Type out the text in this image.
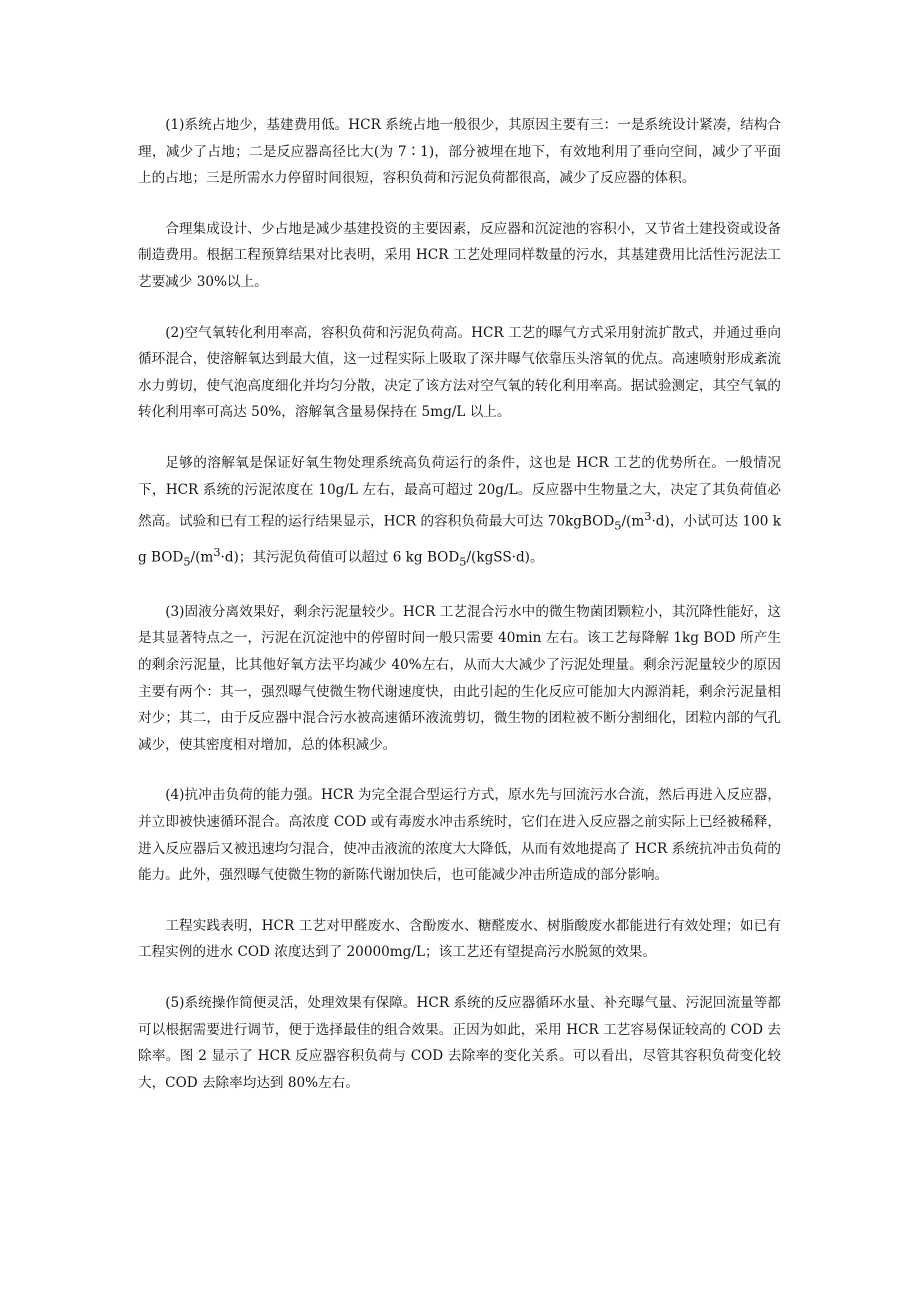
(1)系统占地少，基建费用低。HCR 系统占地一般很少，其原因主要有三：一是系统设计紧凑，结构合理，减少了占地；二是反应器高径比大(为 7∶1)，部分被埋在地下，有效地利用了垂向空间，减少了平面上的占地；三是所需水力停留时间很短，容积负荷和污泥负荷都很高，减少了反应器的体积。

合理集成设计、少占地是减少基建投资的主要因素，反应器和沉淀池的容积小，又节省土建投资或设备制造费用。根据工程预算结果对比表明，采用 HCR 工艺处理同样数量的污水，其基建费用比活性污泥法工艺要减少 30%以上。

(2)空气氧转化利用率高，容积负荷和污泥负荷高。HCR 工艺的曝气方式采用射流扩散式，并通过垂向循环混合，使溶解氧达到最大值，这一过程实际上吸取了深井曝气依靠压头溶氧的优点。高速喷射形成紊流水力剪切，使气泡高度细化并均匀分散，决定了该方法对空气氧的转化利用率高。据试验测定，其空气氧的转化利用率可高达 50%，溶解氧含量易保持在 5mg/L 以上。

足够的溶解氧是保证好氧生物处理系统高负荷运行的条件，这也是 HCR 工艺的优势所在。一般情况下，HCR 系统的污泥浓度在 10g/L 左右，最高可超过 20g/L。反应器中生物量之大，决定了其负荷值必然高。试验和已有工程的运行结果显示，HCR 的容积负荷最大可达 $70kgBOD_5/(m^3\cdot d)$，小试可达 100 kg $BOD_5/(m^3\cdot d)$；其污泥负荷值可以超过 6 kg $BOD_5/(kgSS\cdot d)$。

(3)固液分离效果好，剩余污泥量较少。HCR 工艺混合污水中的微生物菌团颗粒小，其沉降性能好，这是其显著特点之一，污泥在沉淀池中的停留时间一般只需要 40min 左右。该工艺每降解 1kg BOD 所产生的剩余污泥量，比其他好氧方法平均减少 40%左右，从而大大减少了污泥处理量。剩余污泥量较少的原因主要有两个：其一，强烈曝气使微生物代谢速度快，由此引起的生化反应可能加大内源消耗，剩余污泥量相对少；其二，由于反应器中混合污水被高速循环液流剪切，微生物的团粒被不断分割细化，团粒内部的气孔减少，使其密度相对增加，总的体积减少。

(4)抗冲击负荷的能力强。HCR 为完全混合型运行方式，原水先与回流污水合流，然后再进入反应器，并立即被快速循环混合。高浓度 COD 或有毒废水冲击系统时，它们在进入反应器之前实际上已经被稀释，进入反应器后又被迅速均匀混合，使冲击液流的浓度大大降低，从而有效地提高了 HCR 系统抗冲击负荷的能力。此外，强烈曝气使微生物的新陈代谢加快后，也可能减少冲击所造成的部分影响。

工程实践表明，HCR 工艺对甲醛废水、含酚废水、糖醛废水、树脂酸废水都能进行有效处理；如已有工程实例的进水 COD 浓度达到了 20000mg/L；该工艺还有望提高污水脱氮的效果。

(5)系统操作简便灵活，处理效果有保障。HCR 系统的反应器循环水量、补充曝气量、污泥回流量等都可以根据需要进行调节，便于选择最佳的组合效果。正因为如此，采用 HCR 工艺容易保证较高的 COD 去除率。图 2 显示了 HCR 反应器容积负荷与 COD 去除率的变化关系。可以看出，尽管其容积负荷变化较大，COD 去除率均达到 80%左右。
